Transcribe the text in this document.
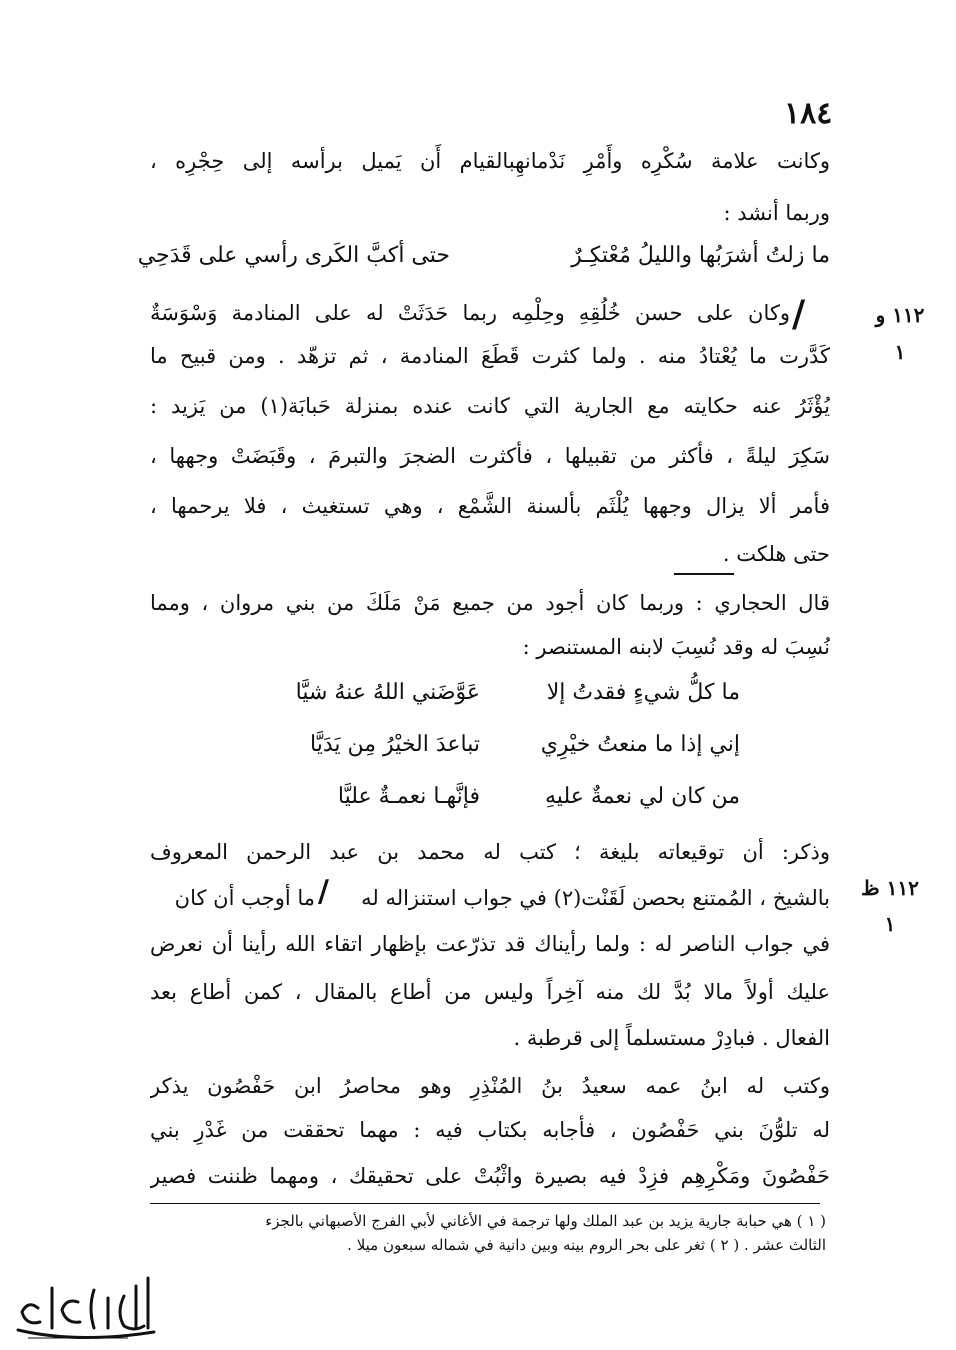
١٨٤
وكانت علامة سُكْرِه وأَمْرِ نَدْمانهِبالقيام أَن يَميل برأسه إلى حِجْرِه ،
وربما أنشد :
ما زلتُ أشرَبُها والليلُ مُعْتكِـرٌ
حتى أكبَّ الكَرى رأسي على قَدَحِي
وكان على حسن خُلُقِهِ وحِلْمِه ربما حَدَثَتْ له على المنادمة وَسْوَسَةٌ /	١١٢ و
١
كَدَّرت ما يُعْتادُ منه . ولما كثرت قَطَعَ المنادمة ، ثم تزهّد . ومن قبيح ما
يُؤْثَرُ عنه حكايته مع الجارية التي كانت عنده بمنزلة حَبابَة(١) من يَزيد :
سَكِرَ ليلةً ، فأكثر من تقبيلها ، فأكثرت الضجرَ والتبرمَ ، وقَبَضَتْ وجهها ،
فأمر ألا يزال وجهها يُلْثَم بألسنة الشَّمْع ، وهي تستغيث ، فلا يرحمها ،
حتى هلكت .
قال الحجاري : وربما كان أجود من جميع مَنْ مَلَكَ من بني مروان ، ومما
نُسِبَ له وقد نُسِبَ لابنه المستنصر :
ما كلُّ شيءٍ فقدتُ إلا
عَوَّضَني اللهُ عنهُ شيَّا
إني إذا ما منعتُ خيْرِي
تباعدَ الخيْرُ مِن يَدَيَّا
من كان لي نعمةٌ عليهِ
فإنَّهـا نعمـةٌ عليَّا
وذكر: أن توقيعاته بليغة ؛ كتب له محمد بن عبد الرحمن المعروف
بالشيخ ، المُمتنع بحصن لَقَنْت(٢) في جواب استنزاله له
/
ما أوجب أن كان	١١٢ ظ
١
في جواب الناصر له : ولما رأيناك قد تذرّعت بإظهار اتقاء الله رأينا أن نعرض
عليك أولاً مالا بُدَّ لك منه آخِراً وليس من أطاع بالمقال ، كمن أطاع بعد
الفعال . فبادِرْ مستسلماً إلى قرطبة .
وكتب له ابنُ عمه سعيدُ بنُ المُنْذِرِ وهو محاصرُ ابن حَفْصُون يذكر
له تلوُّنَ بني حَفْصُون ، فأجابه بكتاب فيه : مهما تحققت من غَدْرِ بني
حَفْصُونَ ومَكْرِهِم فزِدْ فيه بصيرة واثْبُتْ على تحقيقك ، ومهما ظننت فصير
( ١ ) هي حبابة جارية يزيد بن عبد الملك ولها ترجمة في الأغاني لأبي الفرج الأصبهاني بالجزء
الثالث عشر . ( ٢ ) ثغر على بحر الروم بينه وبين دانية في شماله سبعون ميلا .
